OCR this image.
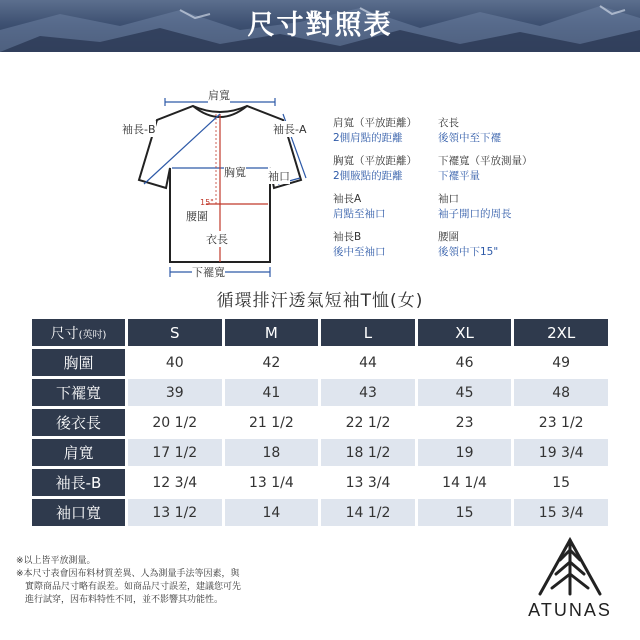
尺寸對照表
肩寬
袖長-B	袖長-A
胸寬 袖口
15"
腰圍
衣長
下襬寬
肩寬（平放距離）
2側肩點的距離
衣長
後領中至下襬
胸寬（平放距離）
2側腋點的距離
下襬寬（平放測量）
下襬平量
袖長A
肩點至袖口
袖口
袖子開口的周長
袖長B
後中至袖口
腰圍
後領中下15"
循環排汗透氣短袖T恤(女)
尺寸(英吋)	S	M	L	XL	2XL
胸圍	40	42	44	46	49
下襬寬	39	41	43	45	48
後衣長	20 1/2	21 1/2	22 1/2	23	23 1/2
肩寬	17 1/2	18	18 1/2	19	19 3/4
袖長-B	12 3/4	13 1/4	13 3/4	14 1/4	15
袖口寬	13 1/2	14	14 1/2	15	15 3/4
※以上皆平放測量。
※本尺寸表會因布料材質差異、人為測量手法等因素，與
實際商品尺寸略有誤差。如商品尺寸誤差，建議您可先
進行試穿，因布料特性不同，並不影響其功能性。	ATUNAS
